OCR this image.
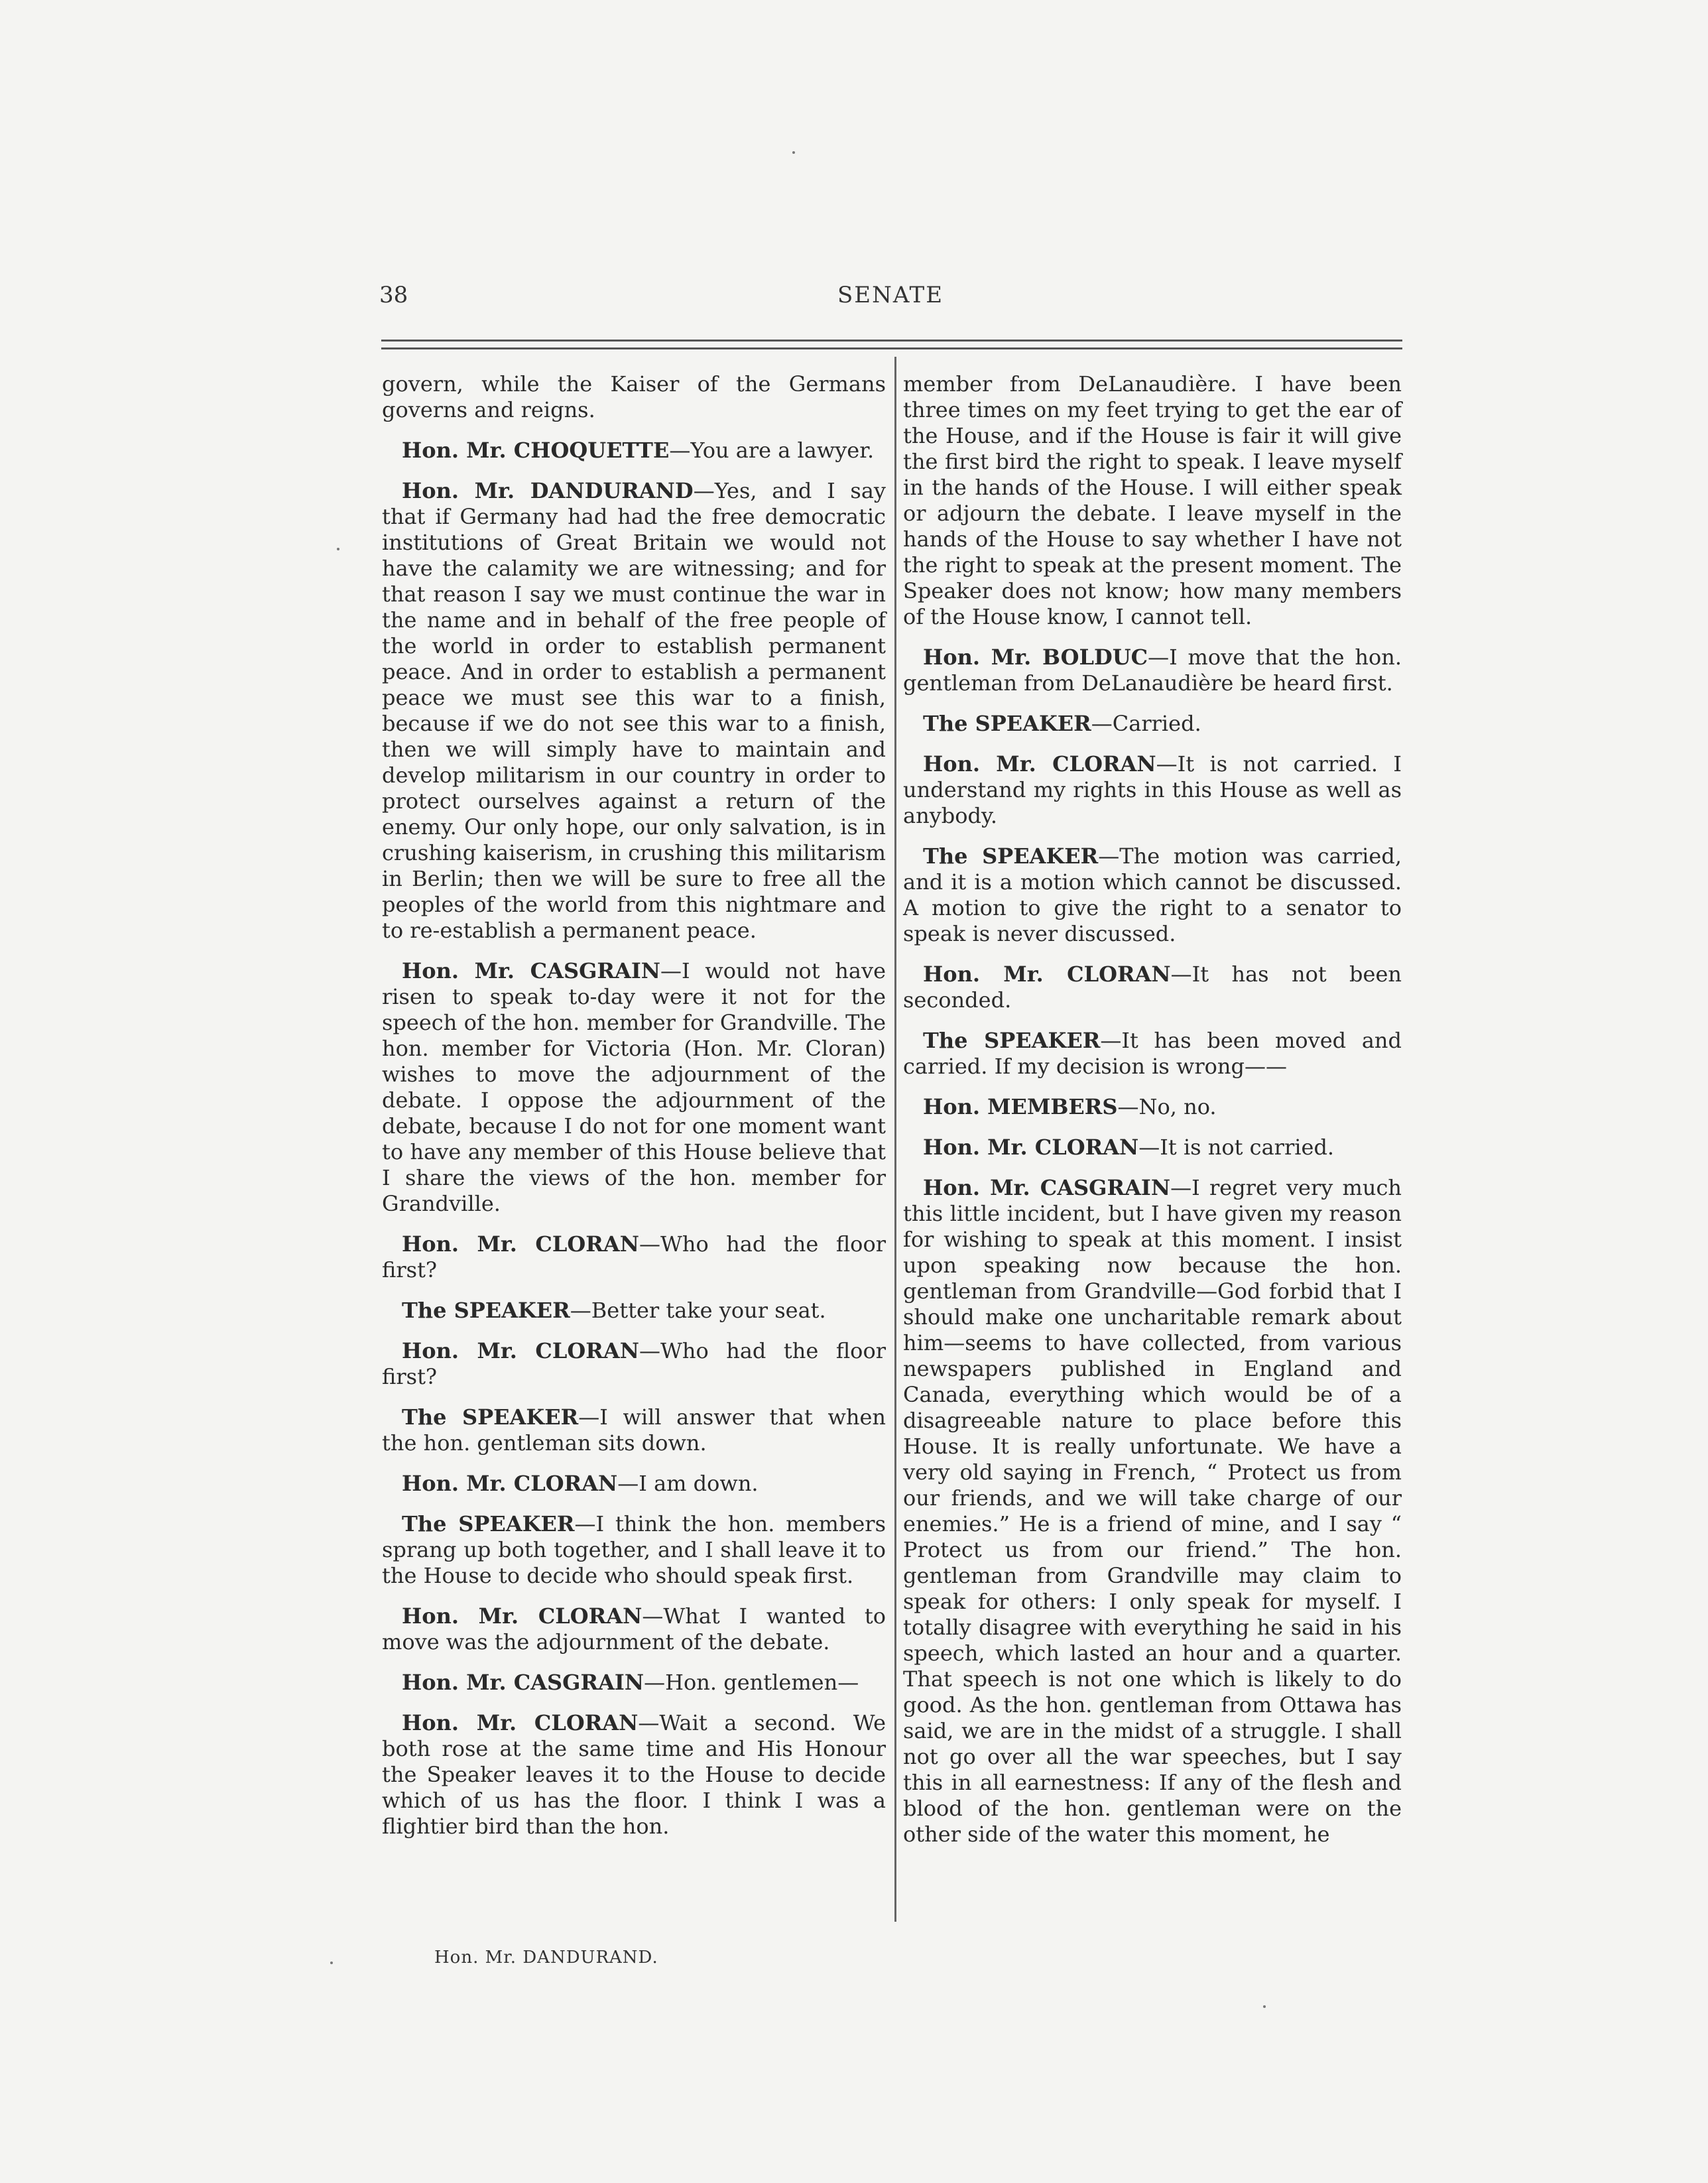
38	SENATE

govern, while the Kaiser of the Germans governs and reigns.

Hon. Mr. CHOQUETTE—You are a lawyer.

Hon. Mr. DANDURAND—Yes, and I say that if Germany had had the free democratic institutions of Great Britain we would not have the calamity we are witnessing; and for that reason I say we must continue the war in the name and in behalf of the free people of the world in order to establish permanent peace. And in order to establish a permanent peace we must see this war to a finish, because if we do not see this war to a finish, then we will simply have to maintain and develop militarism in our country in order to protect ourselves against a return of the enemy. Our only hope, our only salvation, is in crushing kaiserism, in crushing this militarism in Berlin; then we will be sure to free all the peoples of the world from this nightmare and to re-establish a permanent peace.

Hon. Mr. CASGRAIN—I would not have risen to speak to-day were it not for the speech of the hon. member for Grandville. The hon. member for Victoria (Hon. Mr. Cloran) wishes to move the adjournment of the debate. I oppose the adjournment of the debate, because I do not for one moment want to have any member of this House believe that I share the views of the hon. member for Grandville.

Hon. Mr. CLORAN—Who had the floor first?

The SPEAKER—Better take your seat.

Hon. Mr. CLORAN—Who had the floor first?

The SPEAKER—I will answer that when the hon. gentleman sits down.

Hon. Mr. CLORAN—I am down.

The SPEAKER—I think the hon. members sprang up both together, and I shall leave it to the House to decide who should speak first.

Hon. Mr. CLORAN—What I wanted to move was the adjournment of the debate.

Hon. Mr. CASGRAIN—Hon. gentlemen—

Hon. Mr. CLORAN—Wait a second. We both rose at the same time and His Honour the Speaker leaves it to the House to decide which of us has the floor. I think I was a flightier bird than the hon.

member from DeLanaudière. I have been three times on my feet trying to get the ear of the House, and if the House is fair it will give the first bird the right to speak. I leave myself in the hands of the House. I will either speak or adjourn the debate. I leave myself in the hands of the House to say whether I have not the right to speak at the present moment. The Speaker does not know; how many members of the House know, I cannot tell.

Hon. Mr. BOLDUC—I move that the hon. gentleman from DeLanaudière be heard first.

The SPEAKER—Carried.

Hon. Mr. CLORAN—It is not carried. I understand my rights in this House as well as anybody.

The SPEAKER—The motion was carried, and it is a motion which cannot be discussed. A motion to give the right to a senator to speak is never discussed.

Hon. Mr. CLORAN—It has not been seconded.

The SPEAKER—It has been moved and carried. If my decision is wrong——

Hon. MEMBERS—No, no.

Hon. Mr. CLORAN—It is not carried.

Hon. Mr. CASGRAIN—I regret very much this little incident, but I have given my reason for wishing to speak at this moment. I insist upon speaking now because the hon. gentleman from Grandville—God forbid that I should make one uncharitable remark about him—seems to have collected, from various newspapers published in England and Canada, everything which would be of a disagreeable nature to place before this House. It is really unfortunate. We have a very old saying in French, “ Protect us from our friends, and we will take charge of our enemies.” He is a friend of mine, and I say “ Protect us from our friend.” The hon. gentleman from Grandville may claim to speak for others: I only speak for myself. I totally disagree with everything he said in his speech, which lasted an hour and a quarter. That speech is not one which is likely to do good. As the hon. gentleman from Ottawa has said, we are in the midst of a struggle. I shall not go over all the war speeches, but I say this in all earnestness: If any of the flesh and blood of the hon. gentleman were on the other side of the water this moment, he

Hon. Mr. DANDURAND.
